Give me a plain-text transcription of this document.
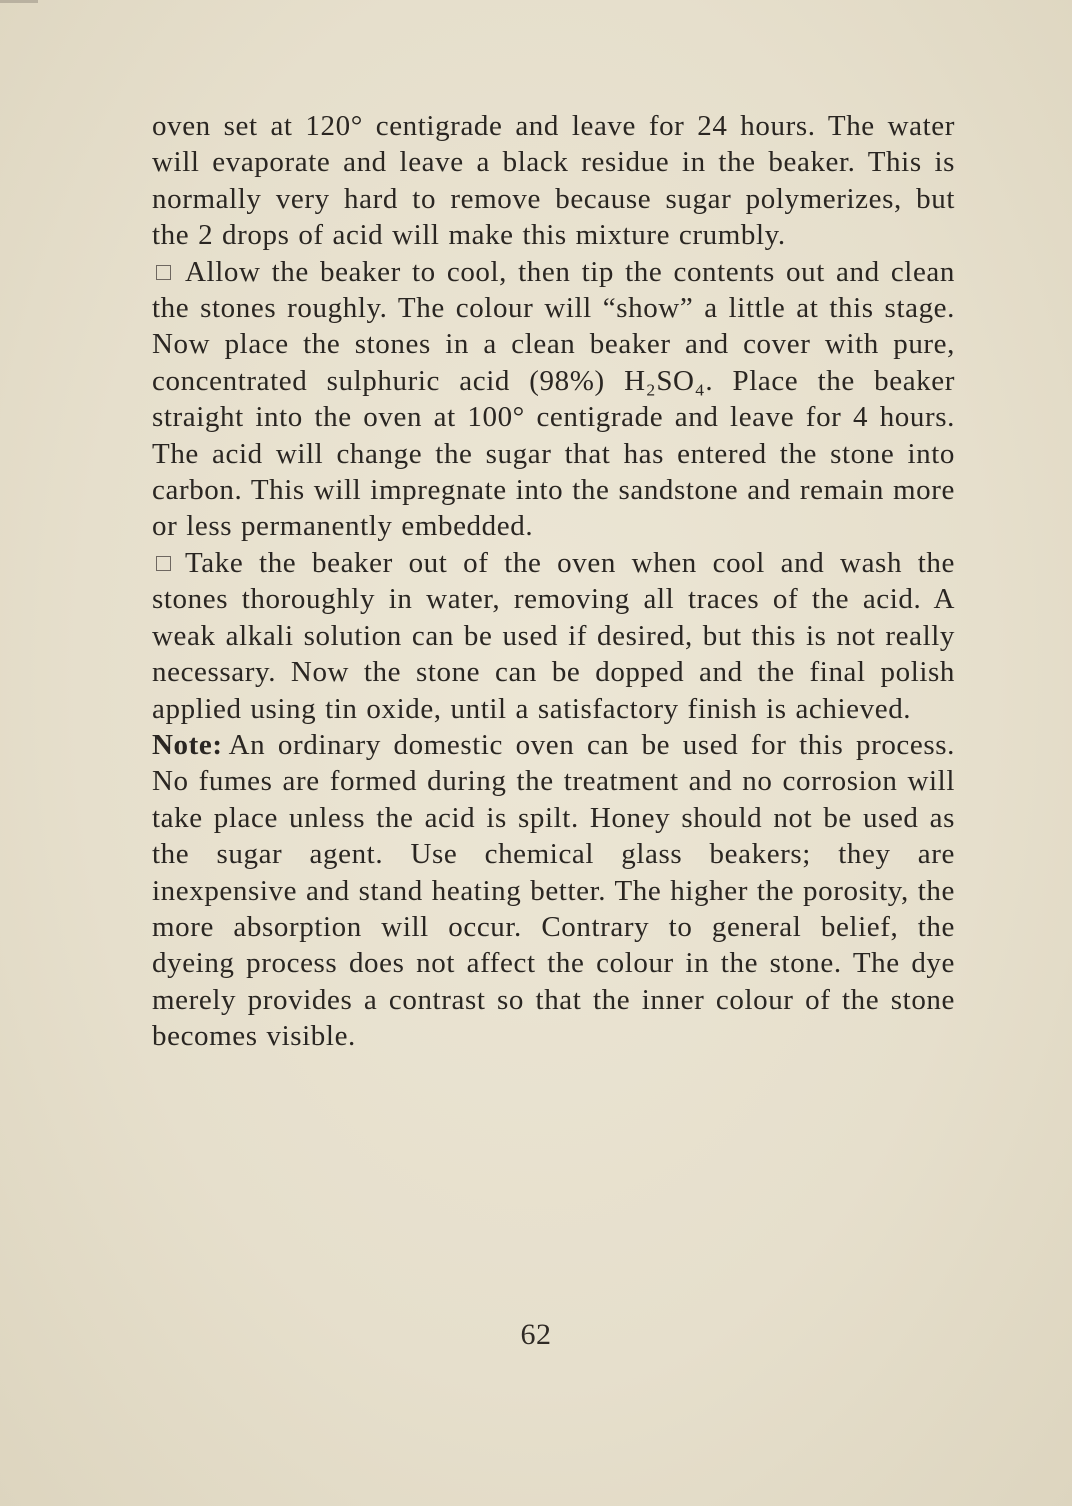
oven set at 120° centigrade and leave for 24 hours. The water will evaporate and leave a black residue in the beaker. This is normally very hard to remove because sugar polymerizes, but the 2 drops of acid will make this mixture crumbly.

Allow the beaker to cool, then tip the contents out and clean the stones roughly. The colour will “show” a little at this stage. Now place the stones in a clean beaker and cover with pure, concentrated sulphuric acid (98%) H₂SO₄. Place the beaker straight into the oven at 100° centigrade and leave for 4 hours. The acid will change the sugar that has entered the stone into carbon. This will impregnate into the sandstone and remain more or less permanently embedded.

Take the beaker out of the oven when cool and wash the stones thoroughly in water, removing all traces of the acid. A weak alkali solution can be used if desired, but this is not really necessary. Now the stone can be dopped and the final polish applied using tin oxide, until a satisfactory finish is achieved.

Note: An ordinary domestic oven can be used for this process. No fumes are formed during the treatment and no corrosion will take place unless the acid is spilt. Honey should not be used as the sugar agent. Use chemical glass beakers; they are inexpensive and stand heating better. The higher the porosity, the more absorption will occur. Contrary to general belief, the dyeing process does not affect the colour in the stone. The dye merely provides a contrast so that the inner colour of the stone becomes visible.

62
